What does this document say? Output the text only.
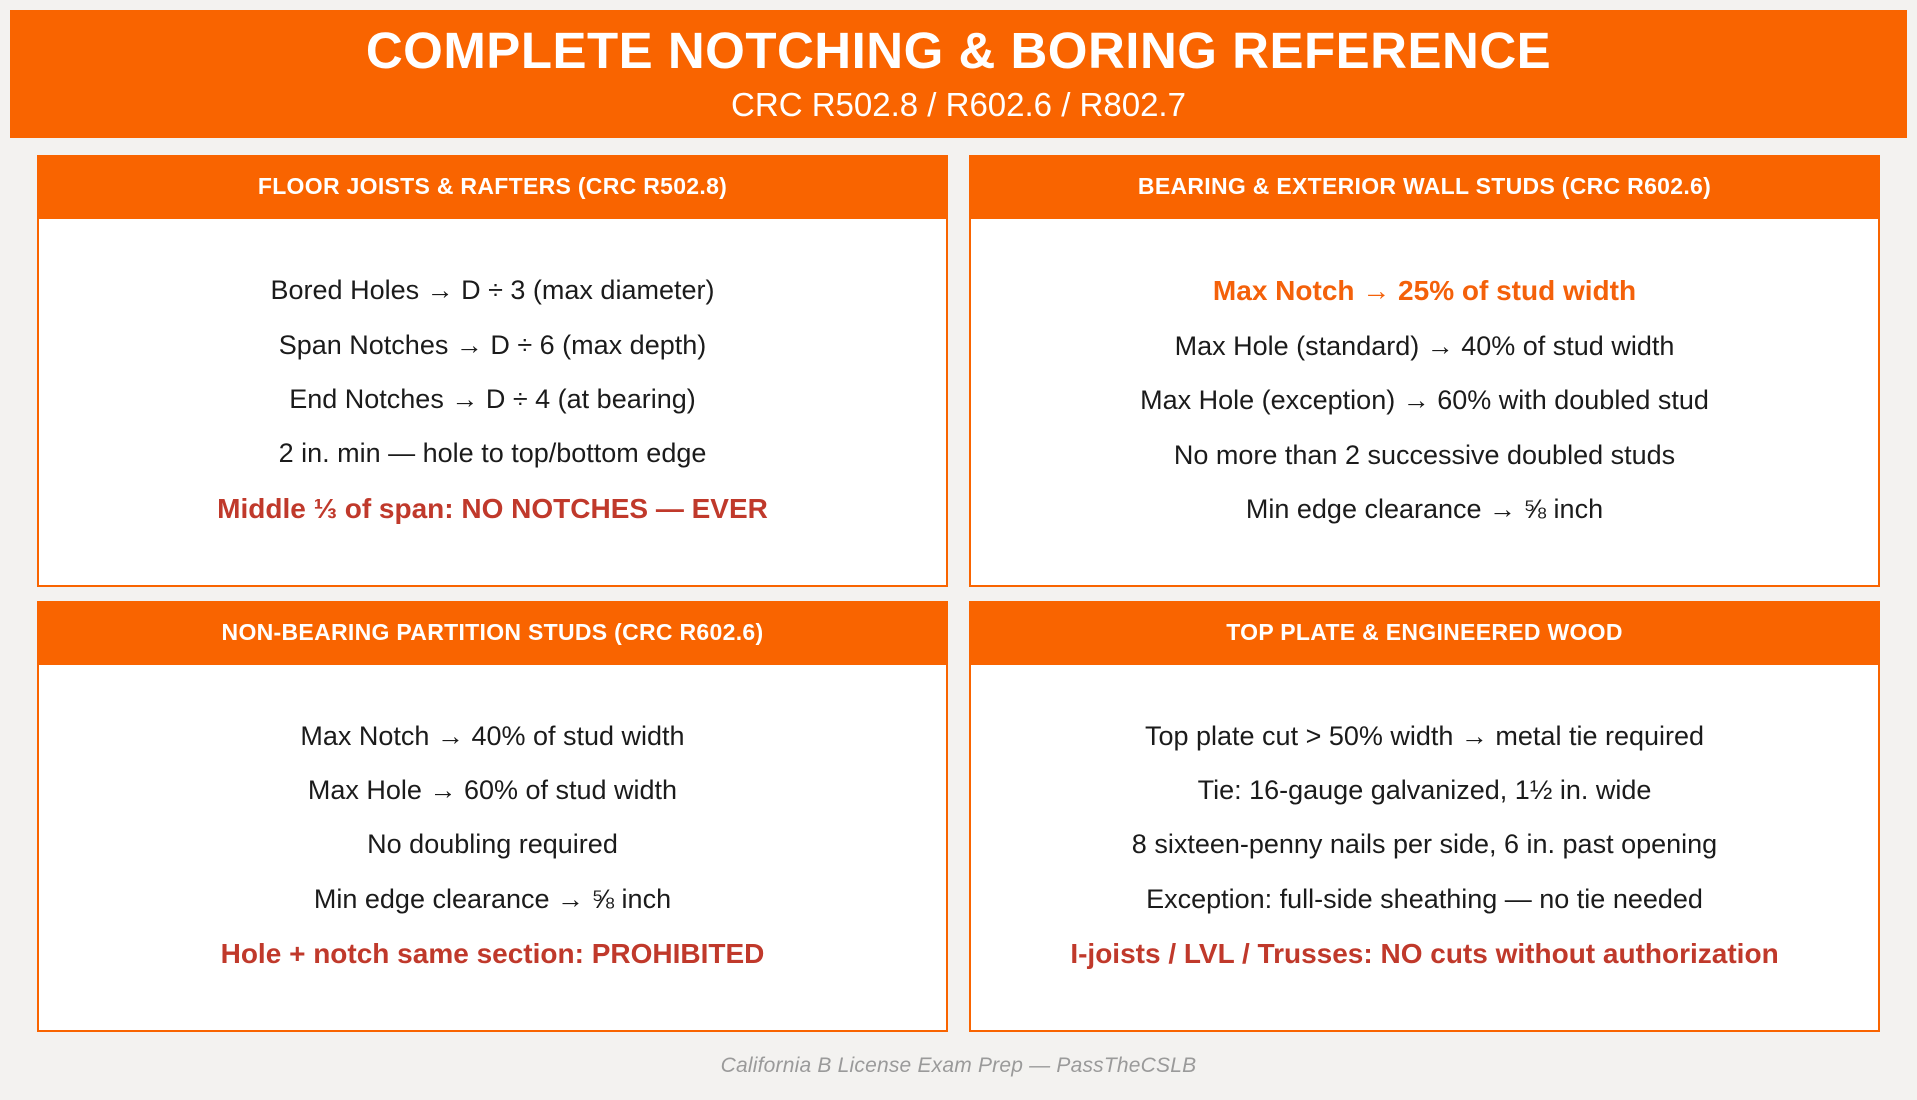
COMPLETE NOTCHING & BORING REFERENCE
CRC R502.8 / R602.6 / R802.7
FLOOR JOISTS & RAFTERS (CRC R502.8)
Bored Holes → D ÷ 3 (max diameter)
Span Notches → D ÷ 6 (max depth)
End Notches → D ÷ 4 (at bearing)
2 in. min — hole to top/bottom edge
Middle ⅓ of span: NO NOTCHES — EVER
BEARING & EXTERIOR WALL STUDS (CRC R602.6)
Max Notch → 25% of stud width
Max Hole (standard) → 40% of stud width
Max Hole (exception) → 60% with doubled stud
No more than 2 successive doubled studs
Min edge clearance → ⅝ inch
NON-BEARING PARTITION STUDS (CRC R602.6)
Max Notch → 40% of stud width
Max Hole → 60% of stud width
No doubling required
Min edge clearance → ⅝ inch
Hole + notch same section: PROHIBITED
TOP PLATE & ENGINEERED WOOD
Top plate cut > 50% width → metal tie required
Tie: 16-gauge galvanized, 1½ in. wide
8 sixteen-penny nails per side, 6 in. past opening
Exception: full-side sheathing — no tie needed
I-joists / LVL / Trusses: NO cuts without authorization
California B License Exam Prep — PassTheCSLB
